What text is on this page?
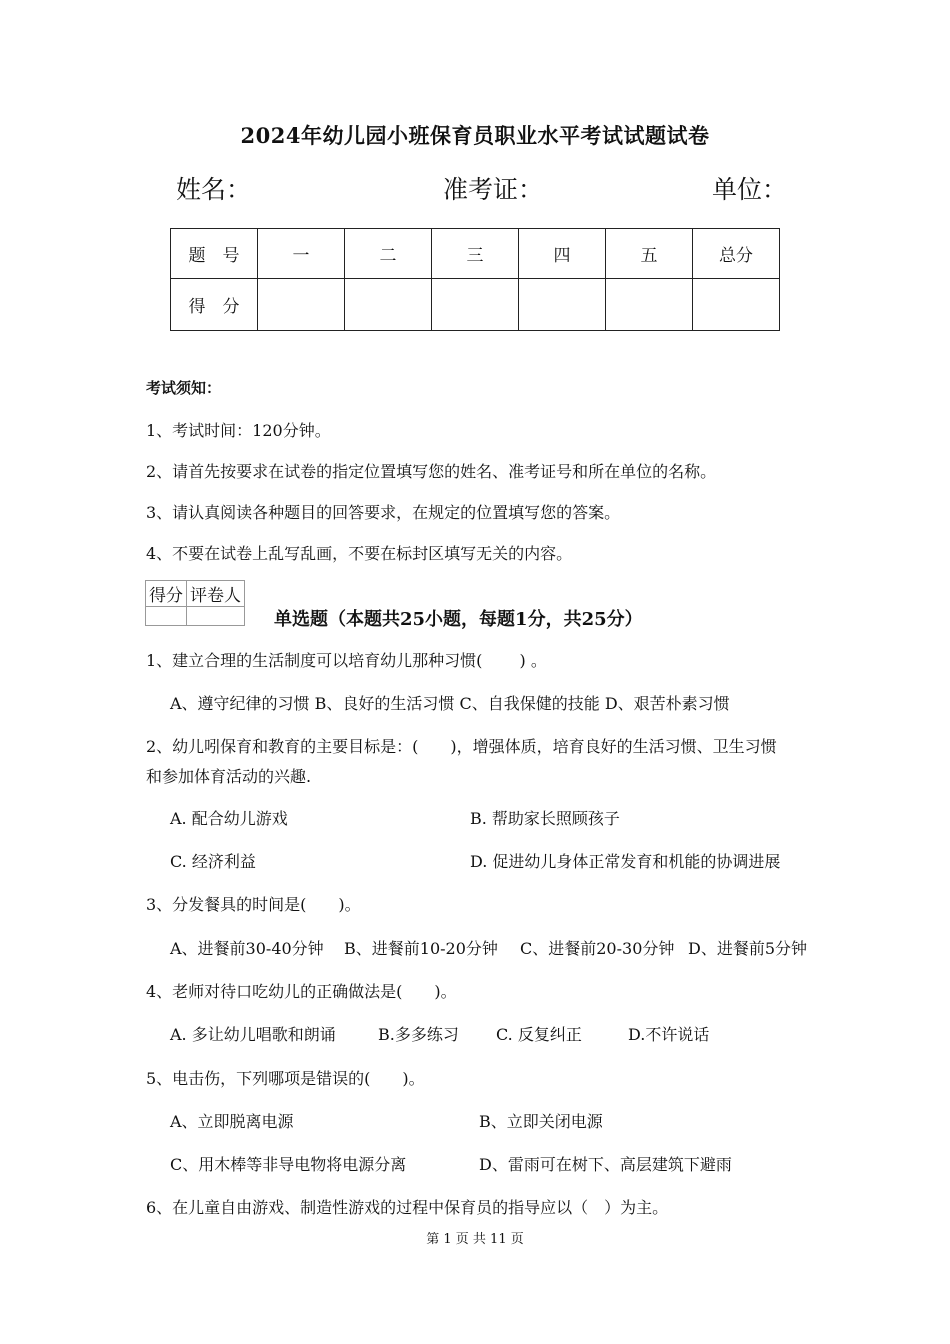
2024年幼儿园小班保育员职业水平考试试题试卷
姓名：	准考证：	单位：
题　号	一	二	三	四	五	总分
得　分						
考试须知：
1、考试时间：120分钟。
2、请首先按要求在试卷的指定位置填写您的姓名、准考证号和所在单位的名称。
3、请认真阅读各种题目的回答要求，在规定的位置填写您的答案。
4、不要在试卷上乱写乱画，不要在标封区填写无关的内容。
得分	评卷人

单选题（本题共25小题，每题1分，共25分）
1、建立合理的生活制度可以培育幼儿那种习惯(　　 ) 。
A、遵守纪律的习惯 B、良好的生活习惯 C、自我保健的技能 D、艰苦朴素习惯
2、幼儿吲保育和教育的主要目标是：(　　)，增强体质，培育良好的生活习惯、卫生习惯
和参加体育活动的兴趣.
A. 配合幼儿游戏	B. 帮助家长照顾孩子
C. 经济利益	D. 促进幼儿身体正常发育和机能的协调进展
3、分发餐具的时间是(　　)。
A、进餐前30-40分钟 B、进餐前10-20分钟 C、进餐前20-30分钟 D、进餐前5分钟
4、老师对待口吃幼儿的正确做法是(　　)。
A. 多让幼儿唱歌和朗诵	B.多多练习 C. 反复纠正	D.不许说话
5、电击伤，下列哪项是错误的(　　)。
A、立即脱离电源	B、立即关闭电源
C、用木棒等非导电物将电源分离	D、雷雨可在树下、高层建筑下避雨
6、在儿童自由游戏、制造性游戏的过程中保育员的指导应以（　）为主。
第 1 页 共 11 页
